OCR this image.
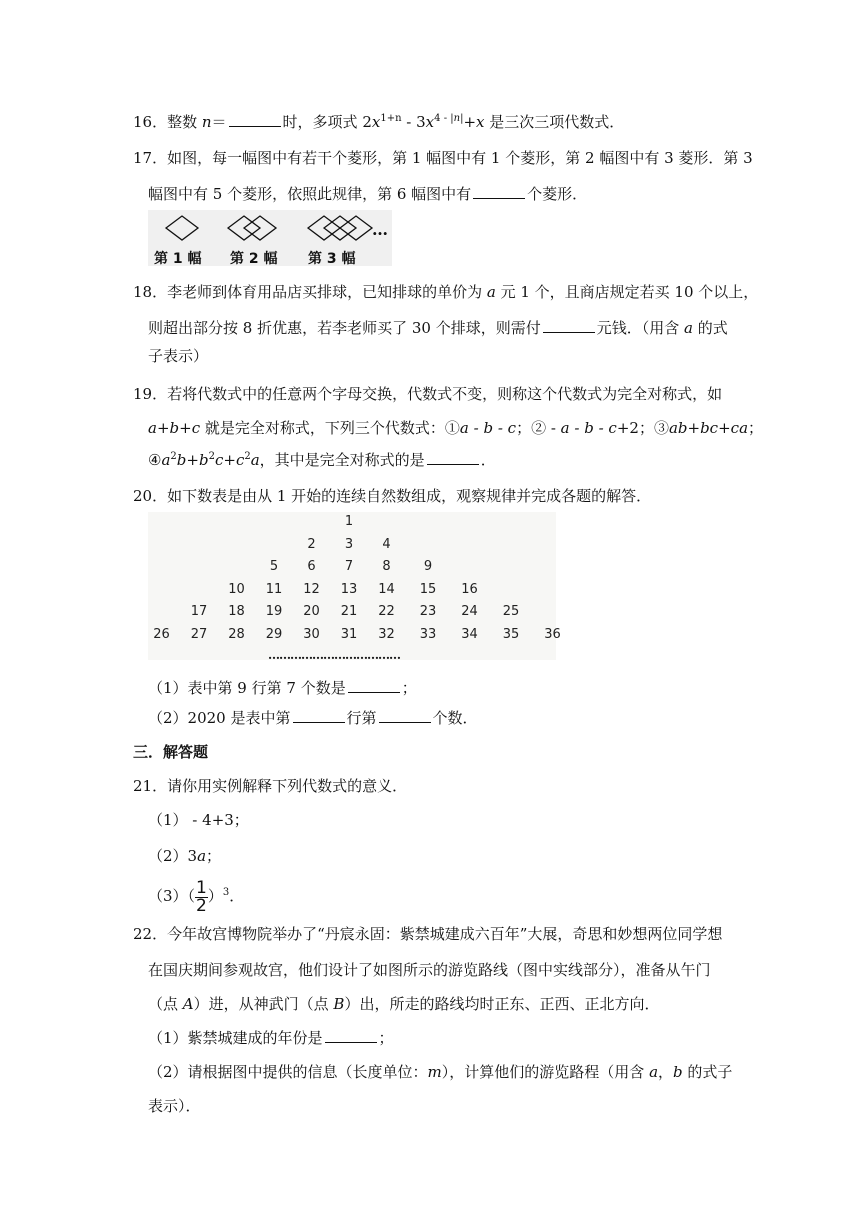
16．整数 n＝	时，多项式 $2x^{1+n} - 3x^{4 - |n|}+x$ 是三次三项代数式．
17．如图，每一幅图中有若干个菱形，第 1 幅图中有 1 个菱形，第 2 幅图中有 3 菱形．第 3
幅图中有 5 个菱形，依照此规律，第 6 幅图中有	个菱形．
第 1 幅 第 2 幅 第 3 幅
…
18．李老师到体育用品店买排球，已知排球的单价为 a 元 1 个，且商店规定若买 10 个以上，
则超出部分按 8 折优惠，若李老师买了 30 个排球，则需付	元钱．（用含 a 的式
子表示）
19．若将代数式中的任意两个字母交换，代数式不变，则称这个代数式为完全对称式，如
a+b+c 就是完全对称式，下列三个代数式：①a - b - c；② - a - b - c+2；③ab+bc+ca；
$④a^2b+b^2c+c^2a$，其中是完全对称式的是	．
20．如下数表是由从 1 开始的连续自然数组成，观察规律并完成各题的解答．
1
2 3 4
5 6 7 8	9
10 11 12 13 14 15 16
17 18 19 20 21 22 23 24 25
26 27 28 29 30 31 32 33 34 35 36
………………………………
（1）表中第 9 行第 7 个数是	；
（2）2020 是表中第	行第	个数．
三．解答题
21．请你用实例解释下列代数式的意义．
（1） - 4+3；
（2）3a；
$(3)( \frac{1}{2} )^3$．
22．今年故宫博物院举办了“丹宸永固：紫禁城建成六百年”大展，奇思和妙想两位同学想
在国庆期间参观故宫，他们设计了如图所示的游览路线（图中实线部分），准备从午门
（点 A）进，从神武门（点 B）出，所走的路线均时正东、正西、正北方向．
（1）紫禁城建成的年份是	；
（2）请根据图中提供的信息（长度单位：m），计算他们的游览路程（用含 a，b 的式子
表示）．
